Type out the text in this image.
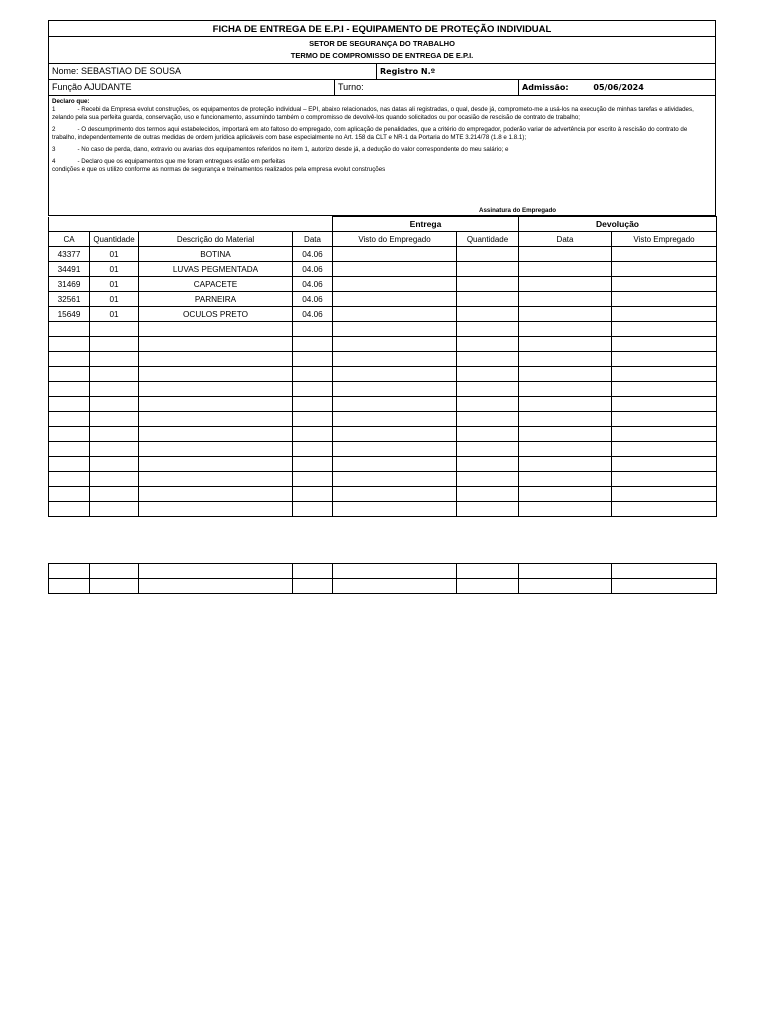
FICHA DE ENTREGA DE E.P.I - EQUIPAMENTO DE PROTEÇÃO INDIVIDUAL
SETOR DE SEGURANÇA DO TRABALHO
TERMO DE COMPROMISSO DE ENTREGA DE E.P.I.
Nome: SEBASTIAO DE SOUSA	Registro N.º
Função AJUDANTE	Turno:	Admissão:	05/06/2024

Declaro que:

1	- Recebi da Empresa evolut construções, os equipamentos de proteção individual – EPI, abaixo relacionados, nas datas ali registradas, o qual, desde já, comprometo-me a usá-los na execução de minhas tarefas e atividades, zelando pela sua perfeita guarda, conservação, uso e funcionamento, assumindo também o compromisso de devolvê-los quando solicitados ou por ocasião de rescisão de contrato de trabalho;

2	- O descumprimento dos termos aqui estabelecidos, importará em ato faltoso do empregado, com aplicação de penalidades, que a critério do empregador, poderão variar de advertência por escrito à rescisão do contrato de trabalho, independentemente de outras medidas de ordem jurídica aplicáveis com base especialmente no Art. 158 da CLT e NR-1 da Portaria do MTE 3.214/78 (1.8 e 1.8.1);

3	- No caso de perda, dano, extravio ou avarias dos equipamentos referidos no item 1, autorizo desde já, a dedução do valor correspondente do meu salário; e

4	- Declaro que os equipamentos que me foram entregues estão em perfeitas
condições e que os utilizo conforme as normas de segurança e treinamentos realizados pela empresa evolut construções

Assinatura do Empregado
				Entrega		Devolução	
CA	Quantidade	Descrição do Material	Data	Visto do Empregado	Quantidade	Data	Visto Empregado
43377	01	BOTINA	04.06				
34491	01	LUVAS PEGMENTADA	04.06				
31469	01	CAPACETE	04.06				
32561	01	PARNEIRA	04.06				
15649	01	OCULOS PRETO	04.06				
